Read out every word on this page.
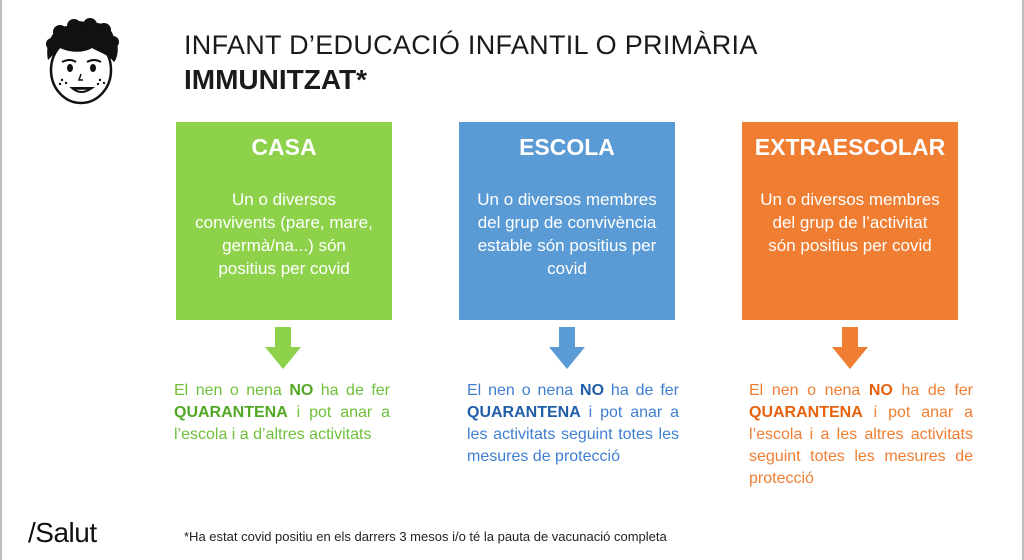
INFANT D’EDUCACIÓ INFANTIL O PRIMÀRIA
IMMUNITZAT*
CASA
Un o diversos convivents (pare, mare, germà/na...) són positius per covid
ESCOLA
Un o diversos membres del grup de convivència estable són positius per covid
EXTRAESCOLAR
Un o diversos membres del grup de l’activitat són positius per covid
El nen o nena NO ha de fer QUARANTENA i pot anar a l’escola i a d’altres activitats
El nen o nena NO ha de fer QUARANTENA i pot anar a les activitats seguint totes les mesures de protecció
El nen o nena NO ha de fer QUARANTENA i pot anar a l’escola i a les altres activitats seguint totes les mesures de protecció
/Salut	*Ha estat covid positiu en els darrers 3 mesos i/o té la pauta de vacunació completa
